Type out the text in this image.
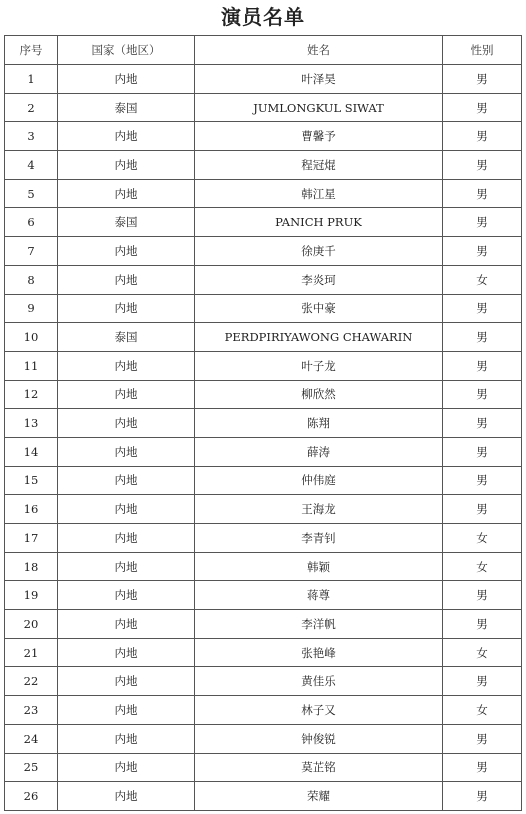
演员名单
序号	国家（地区）	姓名	性别
1	内地	叶泽昊	男
2	泰国	JUMLONGKUL SIWAT	男
3	内地	曹馨予	男
4	内地	程冠焜	男
5	内地	韩江星	男
6	泰国	PANICH PRUK	男
7	内地	徐庚千	男
8	内地	李炎珂	女
9	内地	张中豪	男
10	泰国	PERDPIRIYAWONG CHAWARIN	男
11	内地	叶子龙	男
12	内地	柳欣然	男
13	内地	陈翔	男
14	内地	薛涛	男
15	内地	仲伟庭	男
16	内地	王海龙	男
17	内地	李青钊	女
18	内地	韩颖	女
19	内地	蒋尊	男
20	内地	李洋帆	男
21	内地	张艳峰	女
22	内地	黄佳乐	男
23	内地	林子又	女
24	内地	钟俊锐	男
25	内地	莫芷铭	男
26	内地	荣耀	男
